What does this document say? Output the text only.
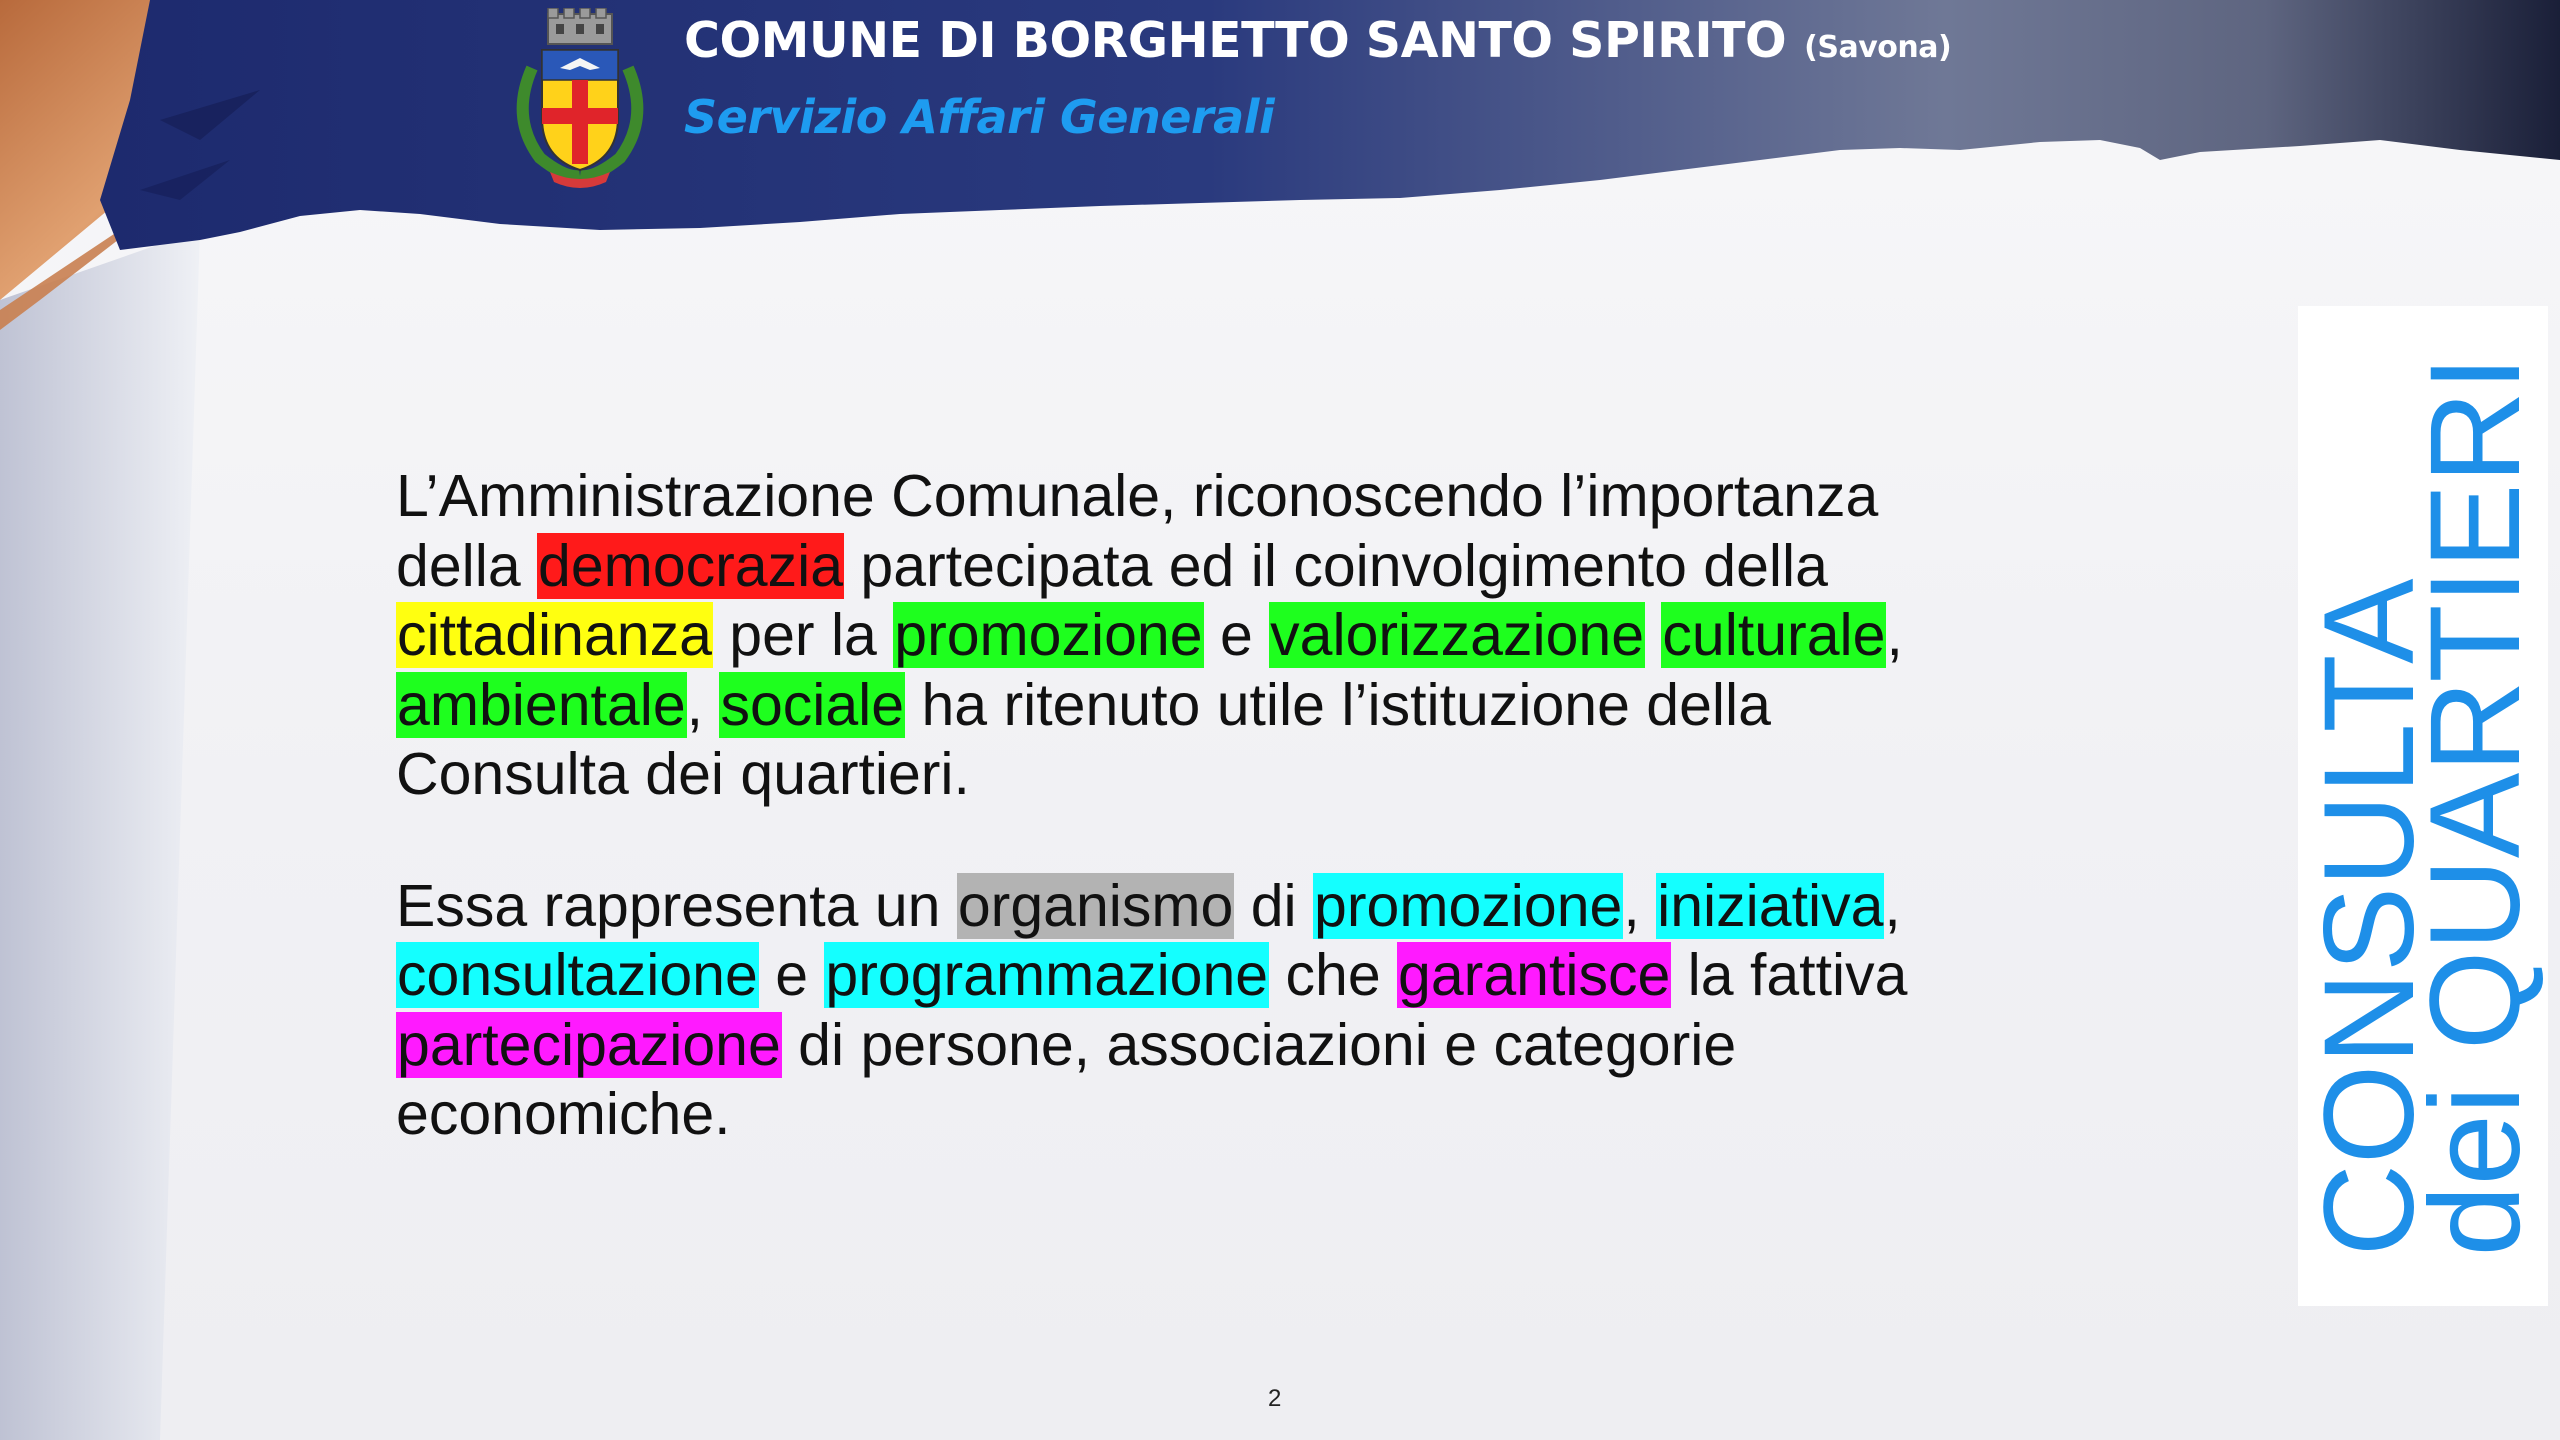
COMUNE DI BORGHETTO SANTO SPIRITO (Savona)
Servizio Affari Generali

L’Amministrazione Comunale, riconoscendo l’importanza
della democrazia partecipata ed il coinvolgimento della
cittadinanza per la promozione e valorizzazione culturale,
ambientale, sociale ha ritenuto utile l’istituzione della
Consulta dei quartieri.

Essa rappresenta un organismo di promozione, iniziativa,
consultazione e programmazione che garantisce la fattiva
partecipazione di persone, associazioni e categorie
economiche.	CONSULTA
dei QUARTIERI
2
